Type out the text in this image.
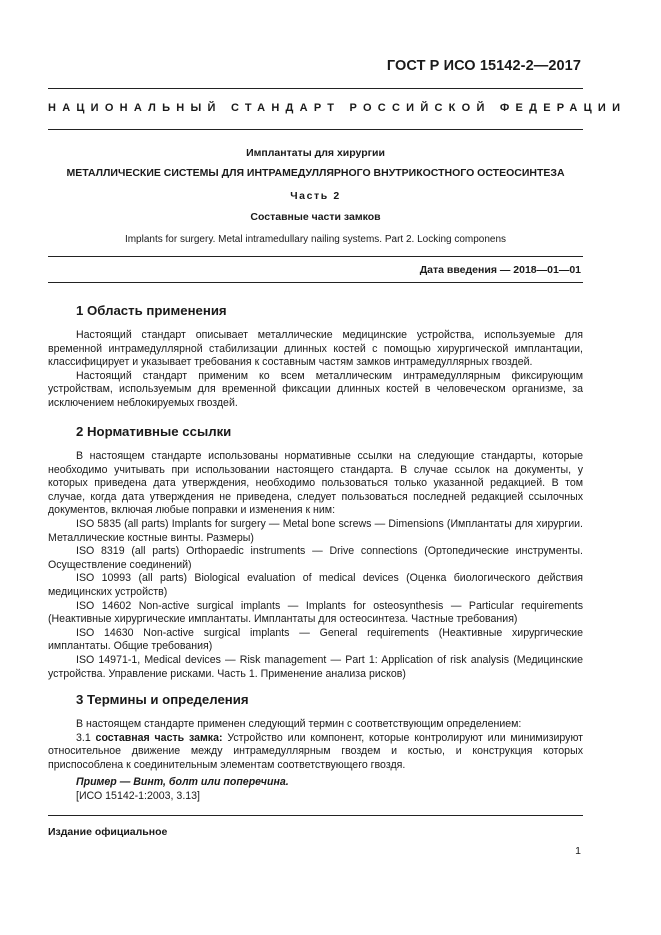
ГОСТ Р ИСО 15142-2—2017
НАЦИОНАЛЬНЫЙ СТАНДАРТ РОССИЙСКОЙ ФЕДЕРАЦИИ
Имплантаты для хирургии
МЕТАЛЛИЧЕСКИЕ СИСТЕМЫ ДЛЯ ИНТРАМЕДУЛЛЯРНОГО ВНУТРИКОСТНОГО ОСТЕОСИНТЕЗА
Часть 2
Составные части замков
Implants for surgery. Metal intramedullary nailing systems. Part 2. Locking componens
Дата введения — 2018—01—01
1 Область применения

Настоящий стандарт описывает металлические медицинские устройства, используемые для временной интрамедуллярной стабилизации длинных костей с помощью хирургической имплантации, классифицирует и указывает требования к составным частям замков интрамедуллярных гвоздей.

Настоящий стандарт применим ко всем металлическим интрамедуллярным фиксирующим устройствам, используемым для временной фиксации длинных костей в человеческом организме, за исключением неблокируемых гвоздей.

2 Нормативные ссылки

В настоящем стандарте использованы нормативные ссылки на следующие стандарты, которые необходимо учитывать при использовании настоящего стандарта. В случае ссылок на документы, у которых приведена дата утверждения, необходимо пользоваться только указанной редакцией. В том случае, когда дата утверждения не приведена, следует пользоваться последней редакцией ссылочных документов, включая любые поправки и изменения к ним:

ISO 5835 (all parts) Implants for surgery — Metal bone screws — Dimensions (Имплантаты для хирургии. Металлические костные винты. Размеры)

ISO 8319 (all parts) Orthopaedic instruments — Drive connections (Ортопедические инструменты. Осуществление соединений)

ISO 10993 (all parts) Biological evaluation of medical devices (Оценка биологического действия медицинских устройств)

ISO 14602 Non-active surgical implants — Implants for osteosynthesis — Particular requirements (Неактивные хирургические имплантаты. Имплантаты для остеосинтеза. Частные требования)

ISO 14630 Non-active surgical implants — General requirements (Неактивные хирургические имплантаты. Общие требования)

ISO 14971-1, Medical devices — Risk management — Part 1: Application of risk analysis (Медицинские устройства. Управление рисками. Часть 1. Применение анализа рисков)

3 Термины и определения

В настоящем стандарте применен следующий термин с соответствующим определением:

3.1 составная часть замка: Устройство или компонент, которые контролируют или минимизируют относительное движение между интрамедуллярным гвоздем и костью, и конструкция которых приспособлена к соединительным элементам соответствующего гвоздя.

Пример — Винт, болт или поперечина.
[ИСО 15142-1:2003, 3.13]
Издание официальное
1
